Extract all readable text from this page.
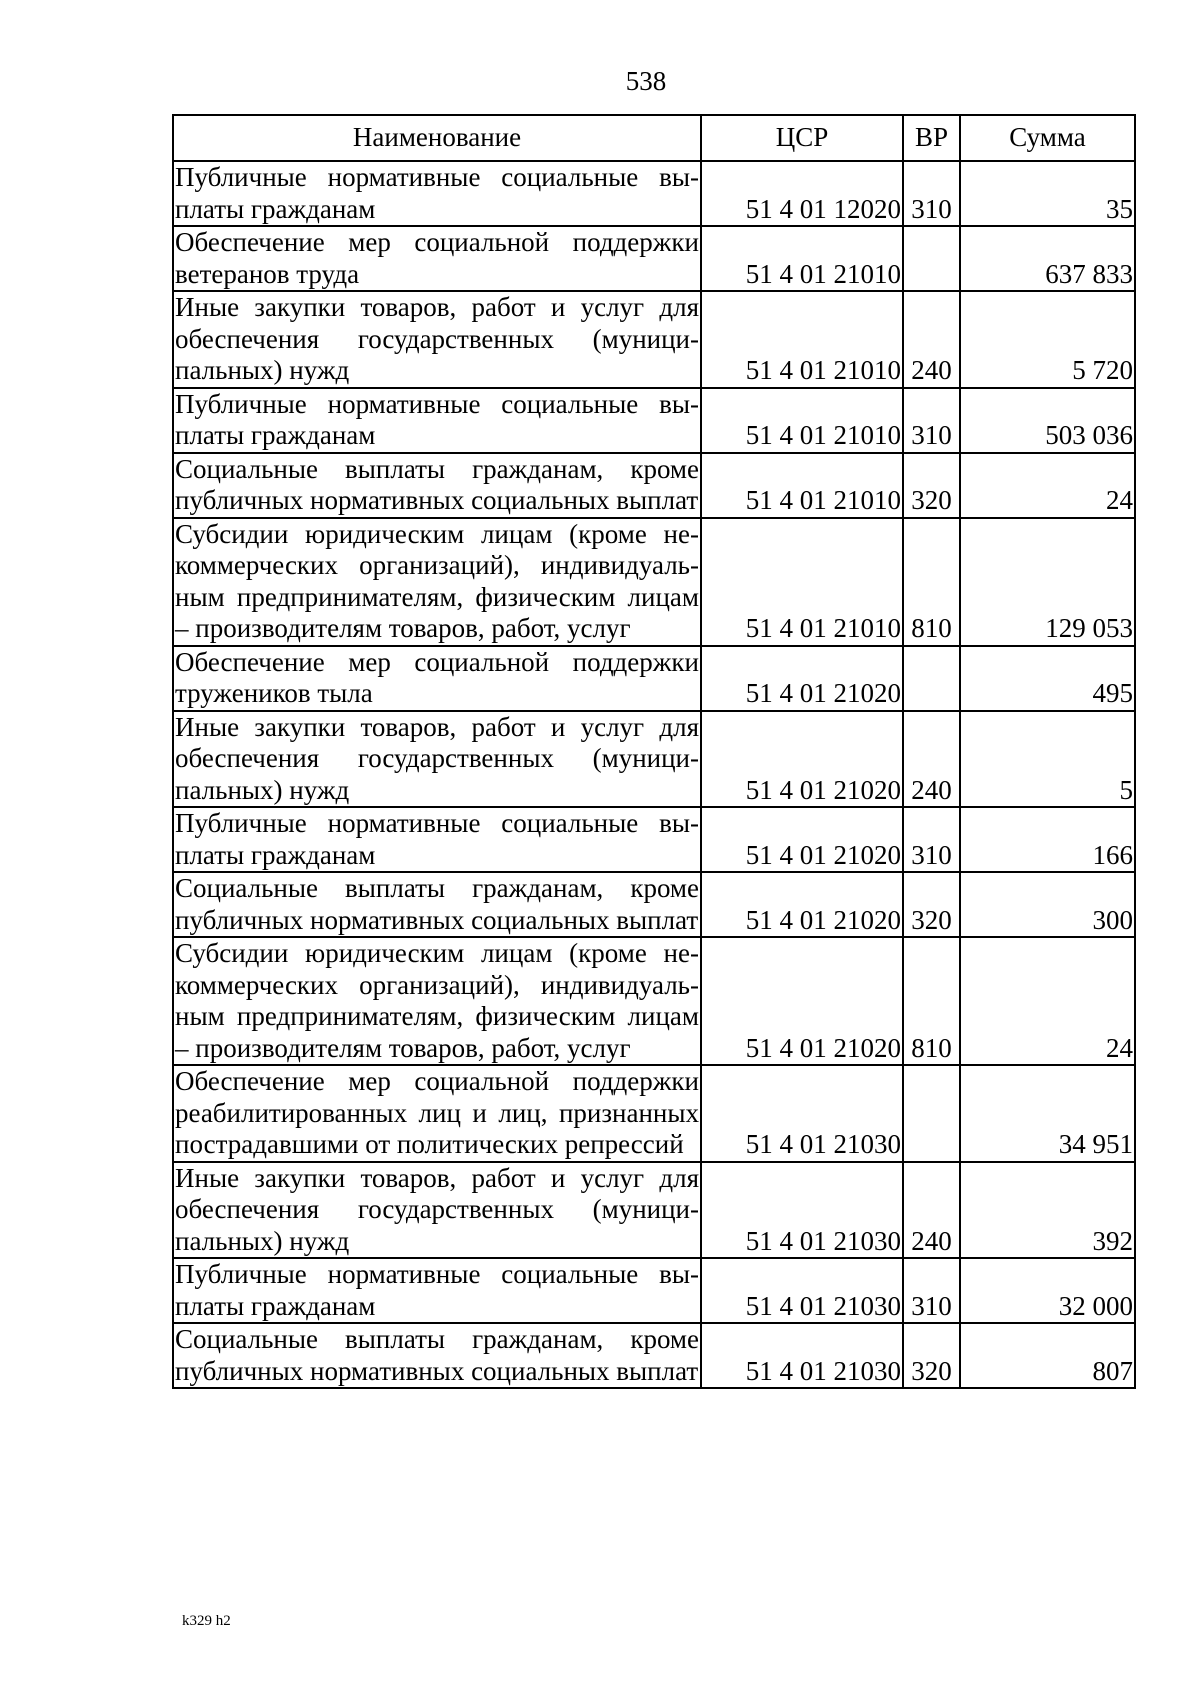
538
Наименование	ЦСР	ВР	Сумма
Публичные нормативные социальные выплаты гражданам	51 4 01 12020	310	35
Обеспечение мер социальной поддержки ветеранов труда	51 4 01 21010		637 833
Иные закупки товаров, работ и услуг для обеспечения государственных (муниципальных) нужд	51 4 01 21010	240	5 720
Публичные нормативные социальные выплаты гражданам	51 4 01 21010	310	503 036
Социальные выплаты гражданам, кроме публичных нормативных социальных выплат	51 4 01 21010	320	24
Субсидии юридическим лицам (кроме некоммерческих организаций), индивидуальным предпринимателям, физическим лицам – производителям товаров, работ, услуг	51 4 01 21010	810	129 053
Обеспечение мер социальной поддержки тружеников тыла	51 4 01 21020		495
Иные закупки товаров, работ и услуг для обеспечения государственных (муниципальных) нужд	51 4 01 21020	240	5
Публичные нормативные социальные выплаты гражданам	51 4 01 21020	310	166
Социальные выплаты гражданам, кроме публичных нормативных социальных выплат	51 4 01 21020	320	300
Субсидии юридическим лицам (кроме некоммерческих организаций), индивидуальным предпринимателям, физическим лицам – производителям товаров, работ, услуг	51 4 01 21020	810	24
Обеспечение мер социальной поддержки реабилитированных лиц и лиц, признанных пострадавшими от политических репрессий	51 4 01 21030		34 951
Иные закупки товаров, работ и услуг для обеспечения государственных (муниципальных) нужд	51 4 01 21030	240	392
Публичные нормативные социальные выплаты гражданам	51 4 01 21030	310	32 000
Социальные выплаты гражданам, кроме публичных нормативных социальных выплат	51 4 01 21030	320	807
k329 h2
